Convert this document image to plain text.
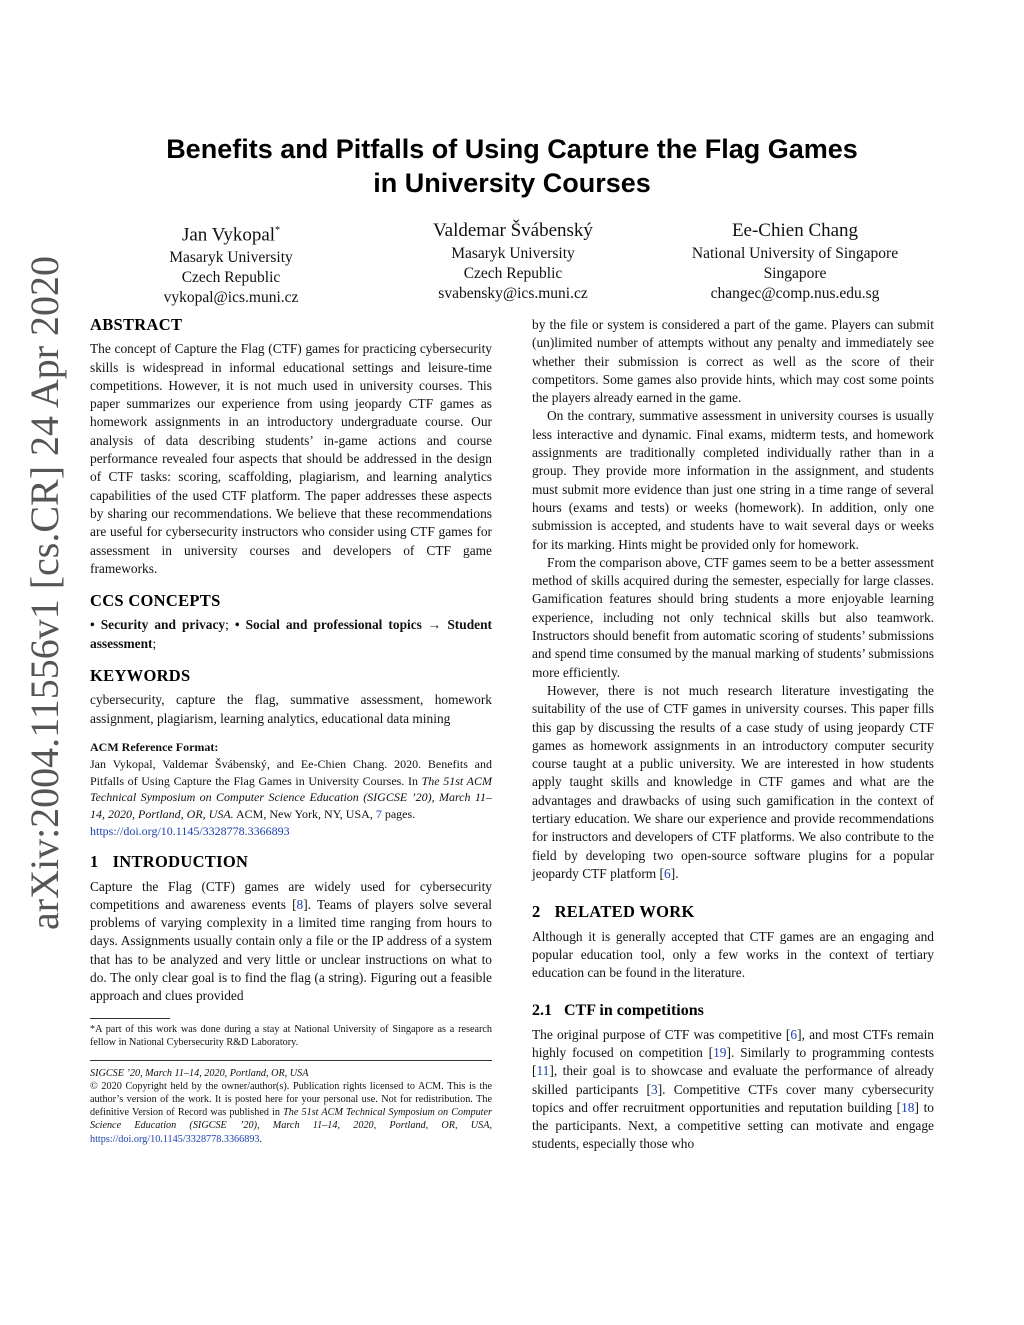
arXiv:2004.11556v1 [cs.CR] 24 Apr 2020
Benefits and Pitfalls of Using Capture the Flag Games
in University Courses
Jan Vykopal*
Masaryk University
Czech Republic
vykopal@ics.muni.cz
Valdemar Švábenský
Masaryk University
Czech Republic
svabensky@ics.muni.cz
Ee-Chien Chang
National University of Singapore
Singapore
changec@comp.nus.edu.sg
ABSTRACT

The concept of Capture the Flag (CTF) games for practicing cybersecurity skills is widespread in informal educational settings and leisure-time competitions. However, it is not much used in university courses. This paper summarizes our experience from using jeopardy CTF games as homework assignments in an introductory undergraduate course. Our analysis of data describing students’ in-game actions and course performance revealed four aspects that should be addressed in the design of CTF tasks: scoring, scaffolding, plagiarism, and learning analytics capabilities of the used CTF platform. The paper addresses these aspects by sharing our recommendations. We believe that these recommendations are useful for cybersecurity instructors who consider using CTF games for assessment in university courses and developers of CTF game frameworks.

CCS CONCEPTS

• Security and privacy; • Social and professional topics → Student assessment;

KEYWORDS

cybersecurity, capture the flag, summative assessment, homework assignment, plagiarism, learning analytics, educational data mining

ACM Reference Format:

Jan Vykopal, Valdemar Švábenský, and Ee-Chien Chang. 2020. Benefits and Pitfalls of Using Capture the Flag Games in University Courses. In The 51st ACM Technical Symposium on Computer Science Education (SIGCSE ’20), March 11–14, 2020, Portland, OR, USA. ACM, New York, NY, USA, 7 pages.
https://doi.org/10.1145/3328778.3366893

1 INTRODUCTION

Capture the Flag (CTF) games are widely used for cybersecurity competitions and awareness events [8]. Teams of players solve several problems of varying complexity in a limited time ranging from hours to days. Assignments usually contain only a file or the IP address of a system that has to be analyzed and very little or unclear instructions on what to do. The only clear goal is to find the flag (a string). Figuring out a feasible approach and clues provided

*A part of this work was done during a stay at National University of Singapore as a research fellow in National Cybersecurity R&D Laboratory.
SIGCSE ’20, March 11–14, 2020, Portland, OR, USA
© 2020 Copyright held by the owner/author(s). Publication rights licensed to ACM. This is the author’s version of the work. It is posted here for your personal use. Not for redistribution. The definitive Version of Record was published in The 51st ACM Technical Symposium on Computer Science Education (SIGCSE ’20), March 11–14, 2020, Portland, OR, USA, https://doi.org/10.1145/3328778.3366893.

by the file or system is considered a part of the game. Players can submit (un)limited number of attempts without any penalty and immediately see whether their submission is correct as well as the score of their competitors. Some games also provide hints, which may cost some points the players already earned in the game.

On the contrary, summative assessment in university courses is usually less interactive and dynamic. Final exams, midterm tests, and homework assignments are traditionally completed individually rather than in a group. They provide more information in the assignment, and students must submit more evidence than just one string in a time range of several hours (exams and tests) or weeks (homework). In addition, only one submission is accepted, and students have to wait several days or weeks for its marking. Hints might be provided only for homework.

From the comparison above, CTF games seem to be a better assessment method of skills acquired during the semester, especially for large classes. Gamification features should bring students a more enjoyable learning experience, including not only technical skills but also teamwork. Instructors should benefit from automatic scoring of students’ submissions and spend time consumed by the manual marking of students’ submissions more efficiently.

However, there is not much research literature investigating the suitability of the use of CTF games in university courses. This paper fills this gap by discussing the results of a case study of using jeopardy CTF games as homework assignments in an introductory computer security course taught at a public university. We are interested in how students apply taught skills and knowledge in CTF games and what are the advantages and drawbacks of using such gamification in the context of tertiary education. We share our experience and provide recommendations for instructors and developers of CTF platforms. We also contribute to the field by developing two open-source software plugins for a popular jeopardy CTF platform [6].

2 RELATED WORK

Although it is generally accepted that CTF games are an engaging and popular education tool, only a few works in the context of tertiary education can be found in the literature.

2.1 CTF in competitions

The original purpose of CTF was competitive [6], and most CTFs remain highly focused on competition [19]. Similarly to programming contests [11], their goal is to showcase and evaluate the performance of already skilled participants [3]. Competitive CTFs cover many cybersecurity topics and offer recruitment opportunities and reputation building [18] to the participants. Next, a competitive setting can motivate and engage students, especially those who
